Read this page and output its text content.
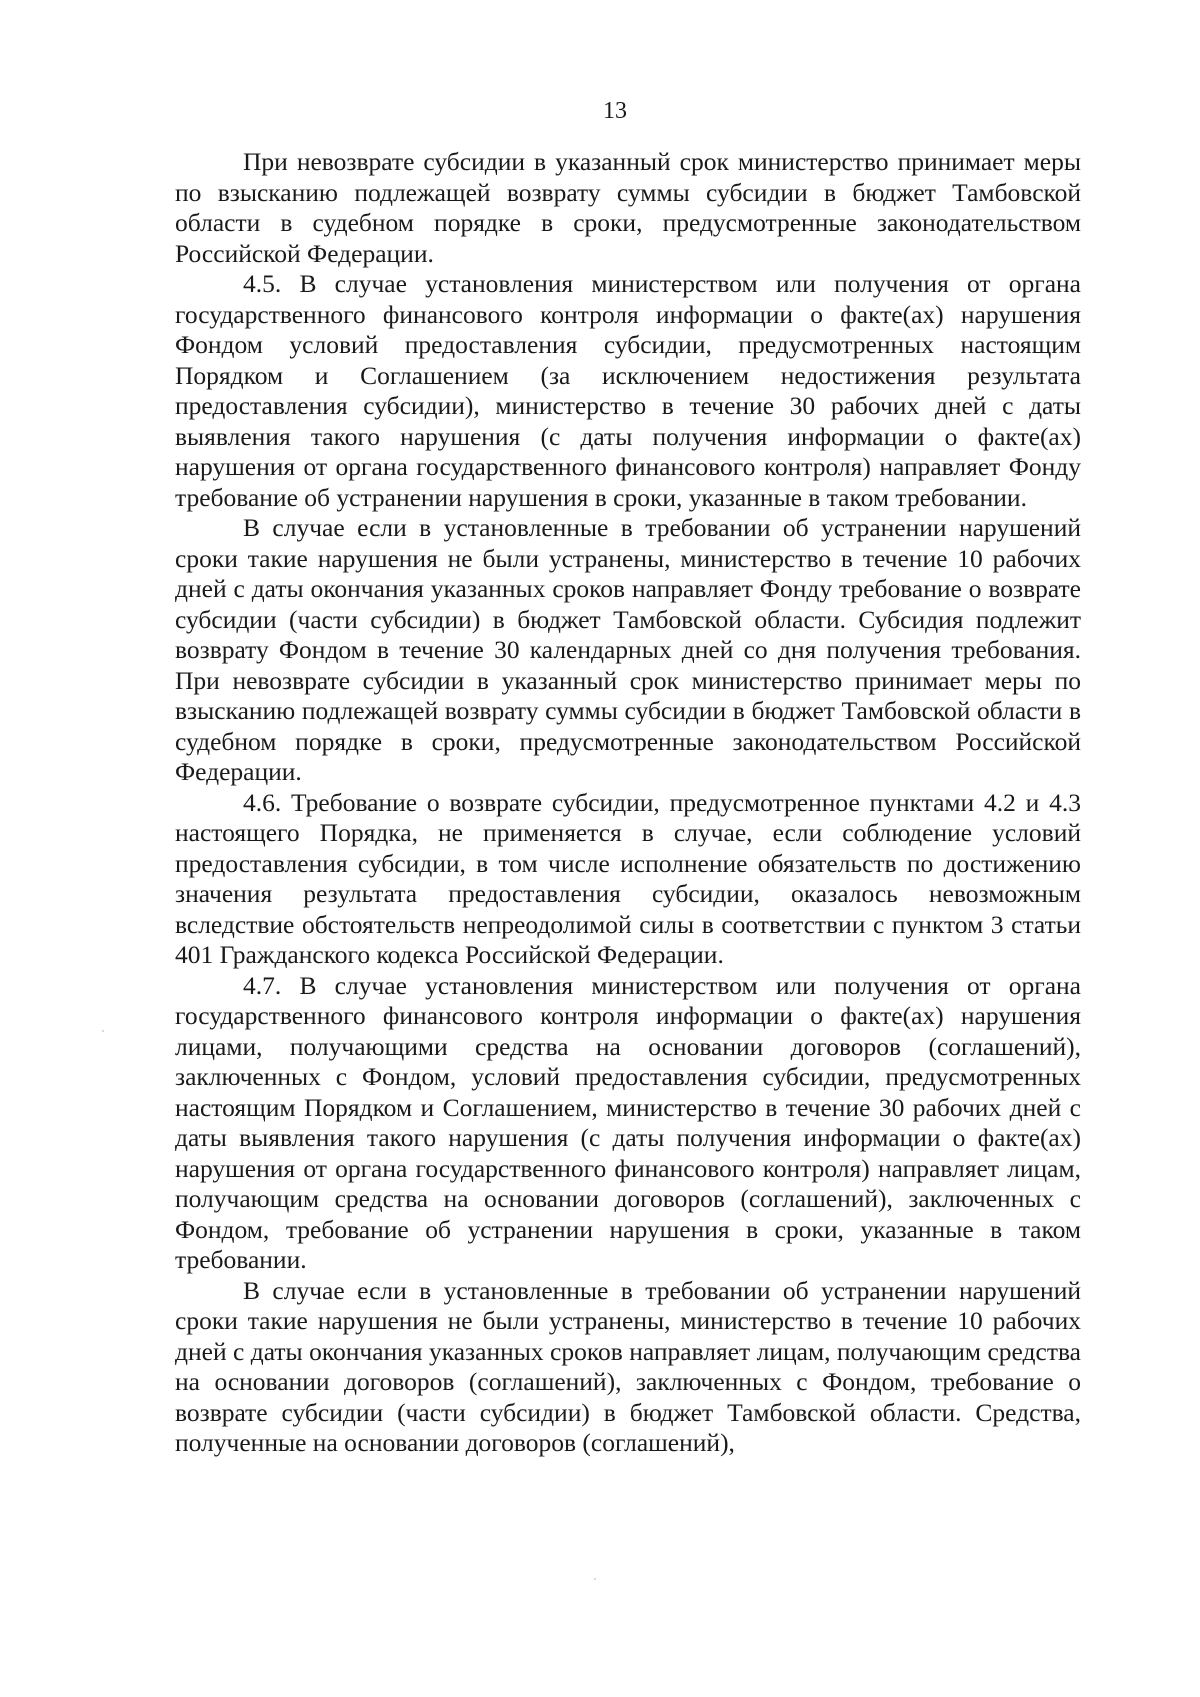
13

При невозврате субсидии в указанный срок министерство принимает меры по взысканию подлежащей возврату суммы субсидии в бюджет Тамбовской области в судебном порядке в сроки, предусмотренные законодательством Российской Федерации.

4.5. В случае установления министерством или получения от органа государственного финансового контроля информации о факте(ах) нарушения Фондом условий предоставления субсидии, предусмотренных настоящим Порядком и Соглашением (за исключением недостижения результата предоставления субсидии), министерство в течение 30 рабочих дней с даты выявления такого нарушения (с даты получения информации о факте(ах) нарушения от органа государственного финансового контроля) направляет Фонду требование об устранении нарушения в сроки, указанные в таком требовании.

В случае если в установленные в требовании об устранении нарушений сроки такие нарушения не были устранены, министерство в течение 10 рабочих дней с даты окончания указанных сроков направляет Фонду требование о возврате субсидии (части субсидии) в бюджет Тамбовской области. Субсидия подлежит возврату Фондом в течение 30 календарных дней со дня получения требования. При невозврате субсидии в указанный срок министерство принимает меры по взысканию подлежащей возврату суммы субсидии в бюджет Тамбовской области в судебном порядке в сроки, предусмотренные законодательством Российской Федерации.

4.6. Требование о возврате субсидии, предусмотренное пунктами 4.2 и 4.3 настоящего Порядка, не применяется в случае, если соблюдение условий предоставления субсидии, в том числе исполнение обязательств по достижению значения результата предоставления субсидии, оказалось невозможным вследствие обстоятельств непреодолимой силы в соответствии с пунктом 3 статьи 401 Гражданского кодекса Российской Федерации.

4.7. В случае установления министерством или получения от органа государственного финансового контроля информации о факте(ах) нарушения лицами, получающими средства на основании договоров (соглашений), заключенных с Фондом, условий предоставления субсидии, предусмотренных настоящим Порядком и Соглашением, министерство в течение 30 рабочих дней с даты выявления такого нарушения (с даты получения информации о факте(ах) нарушения от органа государственного финансового контроля) направляет лицам, получающим средства на основании договоров (соглашений), заключенных с Фондом, требование об устранении нарушения в сроки, указанные в таком требовании.

В случае если в установленные в требовании об устранении нарушений сроки такие нарушения не были устранены, министерство в течение 10 рабочих дней с даты окончания указанных сроков направляет лицам, получающим средства на основании договоров (соглашений), заключенных с Фондом, требование о возврате субсидии (части субсидии) в бюджет Тамбовской области. Средства, полученные на основании договоров (соглашений),
